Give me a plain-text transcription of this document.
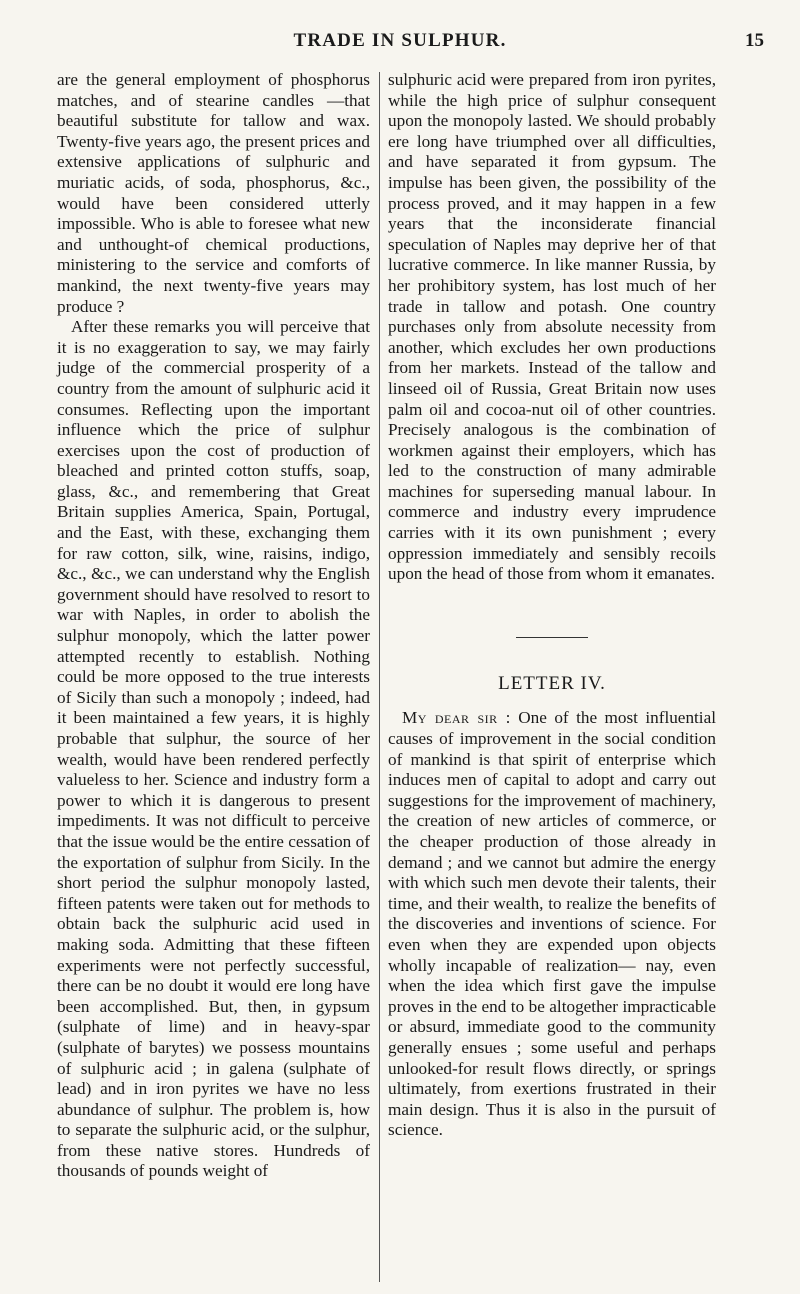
TRADE IN SULPHUR.	15

are the general employment of phosphorus matches, and of stearine candles —that beautiful substitute for tallow and wax. Twenty-five years ago, the present prices and extensive applications of sulphuric and muriatic acids, of soda, phosphorus, &c., would have been considered utterly impossible. Who is able to foresee what new and unthought-of chemical productions, ministering to the service and comforts of mankind, the next twenty-five years may produce ?

After these remarks you will perceive that it is no exaggeration to say, we may fairly judge of the commercial prosperity of a country from the amount of sulphuric acid it consumes. Reflecting upon the important influence which the price of sulphur exercises upon the cost of production of bleached and printed cotton stuffs, soap, glass, &c., and remembering that Great Britain supplies America, Spain, Portugal, and the East, with these, exchanging them for raw cotton, silk, wine, raisins, indigo, &c., &c., we can understand why the English government should have resolved to resort to war with Naples, in order to abolish the sulphur monopoly, which the latter power attempted recently to establish. Nothing could be more opposed to the true interests of Sicily than such a monopoly ; indeed, had it been maintained a few years, it is highly probable that sulphur, the source of her wealth, would have been rendered perfectly valueless to her. Science and industry form a power to which it is dangerous to present impediments. It was not difficult to perceive that the issue would be the entire cessation of the exportation of sulphur from Sicily. In the short period the sulphur monopoly lasted, fifteen patents were taken out for methods to obtain back the sulphuric acid used in making soda. Admitting that these fifteen experiments were not perfectly successful, there can be no doubt it would ere long have been accomplished. But, then, in gypsum (sulphate of lime) and in heavy-spar (sulphate of barytes) we possess mountains of sulphuric acid ; in galena (sulphate of lead) and in iron pyrites we have no less abundance of sulphur. The problem is, how to separate the sulphuric acid, or the sulphur, from these native stores. Hundreds of thousands of pounds weight of

sulphuric acid were prepared from iron pyrites, while the high price of sulphur consequent upon the monopoly lasted. We should probably ere long have triumphed over all difficulties, and have separated it from gypsum. The impulse has been given, the possibility of the process proved, and it may happen in a few years that the inconsiderate financial speculation of Naples may deprive her of that lucrative commerce. In like manner Russia, by her prohibitory system, has lost much of her trade in tallow and potash. One country purchases only from absolute necessity from another, which excludes her own productions from her markets. Instead of the tallow and linseed oil of Russia, Great Britain now uses palm oil and cocoa-nut oil of other countries. Precisely analogous is the combination of workmen against their employers, which has led to the construction of many admirable machines for superseding manual labour. In commerce and industry every imprudence carries with it its own punishment ; every oppression immediately and sensibly recoils upon the head of those from whom it emanates.

LETTER IV.

My dear sir : One of the most influential causes of improvement in the social condition of mankind is that spirit of enterprise which induces men of capital to adopt and carry out suggestions for the improvement of machinery, the creation of new articles of commerce, or the cheaper production of those already in demand ; and we cannot but admire the energy with which such men devote their talents, their time, and their wealth, to realize the benefits of the discoveries and inventions of science. For even when they are expended upon objects wholly incapable of realization— nay, even when the idea which first gave the impulse proves in the end to be altogether impracticable or absurd, immediate good to the community generally ensues ; some useful and perhaps unlooked-for result flows directly, or springs ultimately, from exertions frustrated in their main design. Thus it is also in the pursuit of science.
